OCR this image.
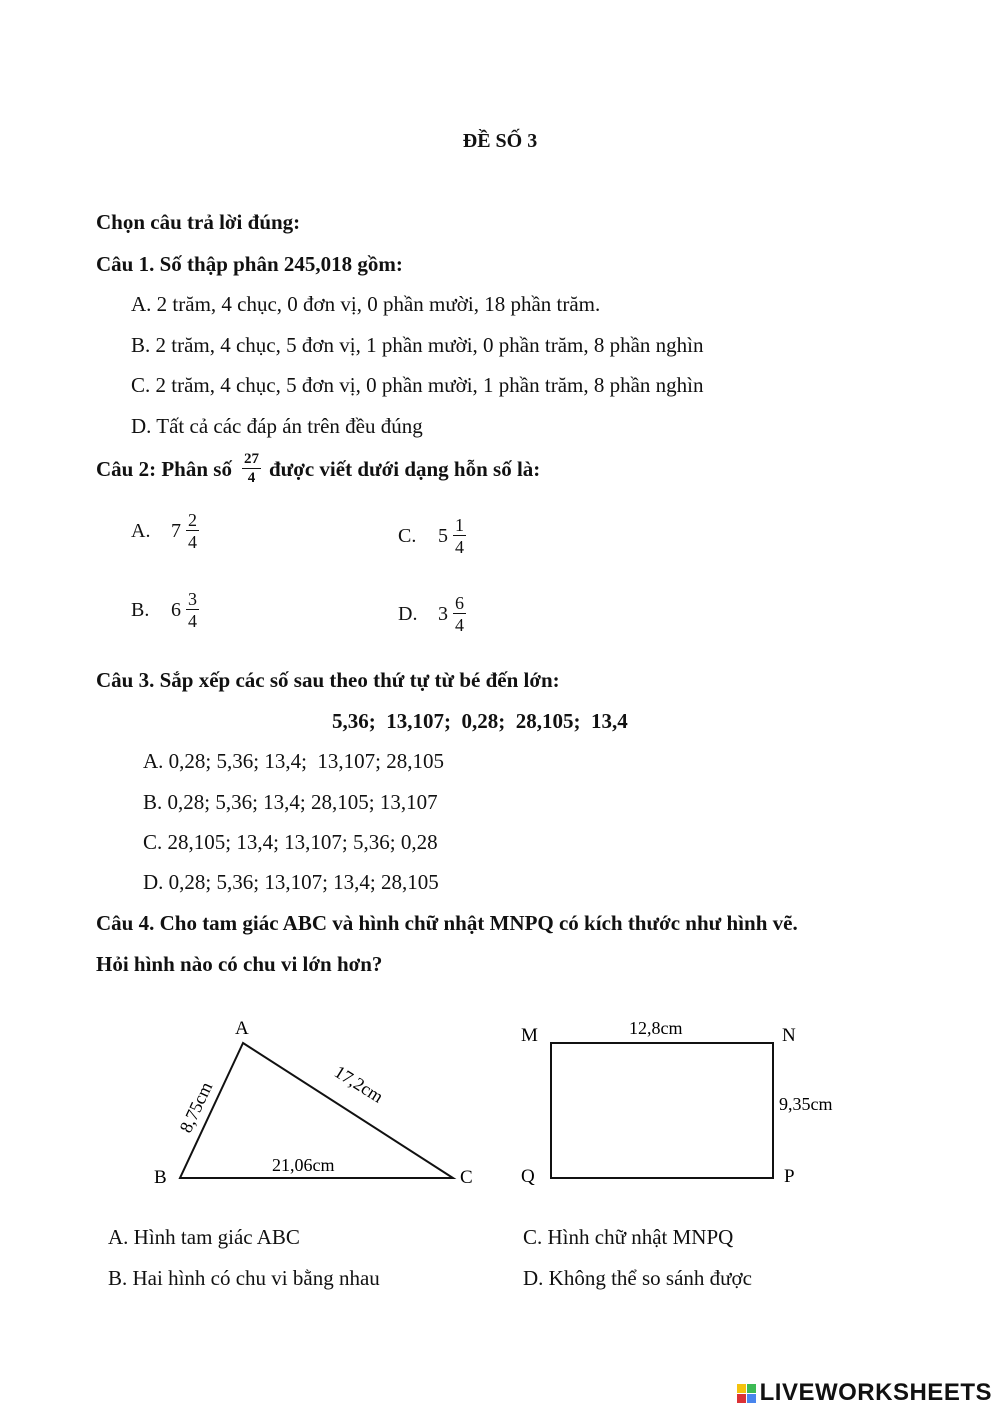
ĐỀ SỐ 3
Chọn câu trả lời đúng:
Câu 1. Số thập phân 245,018 gồm:
A. 2 trăm, 4 chục, 0 đơn vị, 0 phần mười, 18 phần trăm.
B. 2 trăm, 4 chục, 5 đơn vị, 1 phần mười, 0 phần trăm, 8 phần nghìn
C. 2 trăm, 4 chục, 5 đơn vị, 0 phần mười, 1 phần trăm, 8 phần nghìn
D. Tất cả các đáp án trên đều đúng
Câu 2: Phân số $\frac{27}{4}$ được viết dưới dạng hỗn số là:
A.	$7 \frac{2}{4}$	C.	$5 \frac{1}{4}$
B.	$6 \frac{3}{4}$	D.	$3 \frac{6}{4}$
Câu 3. Sắp xếp các số sau theo thứ tự từ bé đến lớn:
5,36;  13,107;  0,28;  28,105;  13,4
A. 0,28; 5,36; 13,4;  13,107; 28,105
B. 0,28; 5,36; 13,4; 28,105; 13,107
C. 28,105; 13,4; 13,107; 5,36; 0,28
D. 0,28; 5,36; 13,107; 13,4; 28,105
Câu 4. Cho tam giác ABC và hình chữ nhật MNPQ có kích thước như hình vẽ.
Hỏi hình nào có chu vi lớn hơn?
A
B	C
8,75cm	17,2cm
21,06cm
M	N
P
Q
12,8cm
9,35cm
A. Hình tam giác ABC	C. Hình chữ nhật MNPQ
B. Hai hình có chu vi bằng nhau	D. Không thể so sánh được
LIVEWORKSHEETS
